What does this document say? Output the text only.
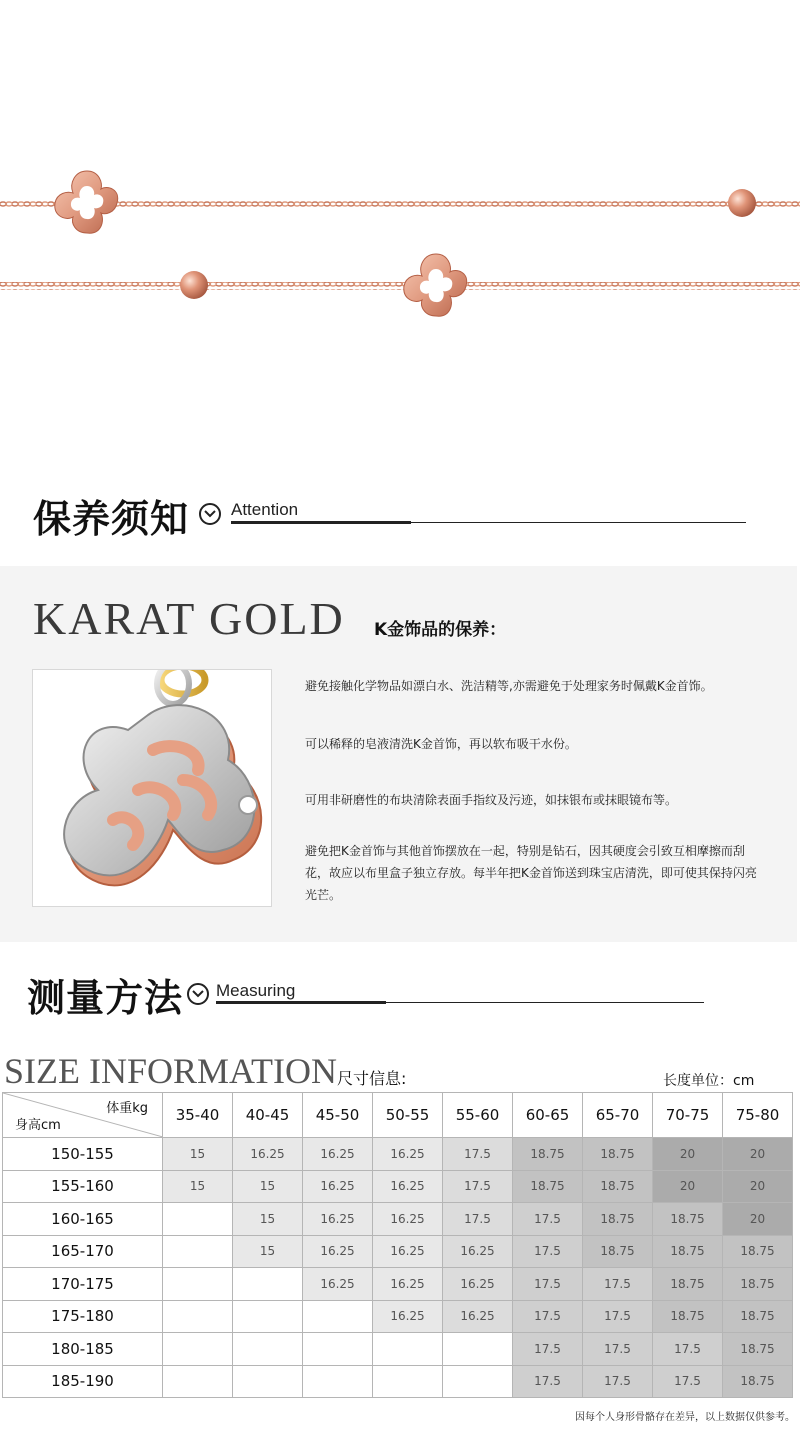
保养须知 Attention
KARAT GOLD K金饰品的保养：
避免接触化学物品如漂白水、洗洁精等,亦需避免于处理家务时佩戴K金首饰。
可以稀释的皂液清洗K金首饰，再以软布吸干水份。
可用非研磨性的布块清除表面手指纹及污迹，如抹银布或抹眼镜布等。
避免把K金首饰与其他首饰摆放在一起，特别是钻石，因其硬度会引致互相摩擦而刮花，故应以布里盒子独立存放。每半年把K金首饰送到珠宝店清洗，即可使其保持闪亮光芒。
测量方法 Measuring
SIZE INFORMATION 尺寸信息:	长度单位：cm
体重kg
身高cm	35-40	40-45	45-50	50-55	55-60	60-65	65-70	70-75	75-80
150-155	15	16.25	16.25	16.25	17.5	18.75	18.75	20	20
155-160	15	15	16.25	16.25	17.5	18.75	18.75	20	20
160-165		15	16.25	16.25	17.5	17.5	18.75	18.75	20
165-170		15	16.25	16.25	16.25	17.5	18.75	18.75	18.75
170-175			16.25	16.25	16.25	17.5	17.5	18.75	18.75
175-180				16.25	16.25	17.5	17.5	18.75	18.75
180-185						17.5	17.5	17.5	18.75
185-190						17.5	17.5	17.5	18.75
因每个人身形骨骼存在差异，以上数据仅供参考。
